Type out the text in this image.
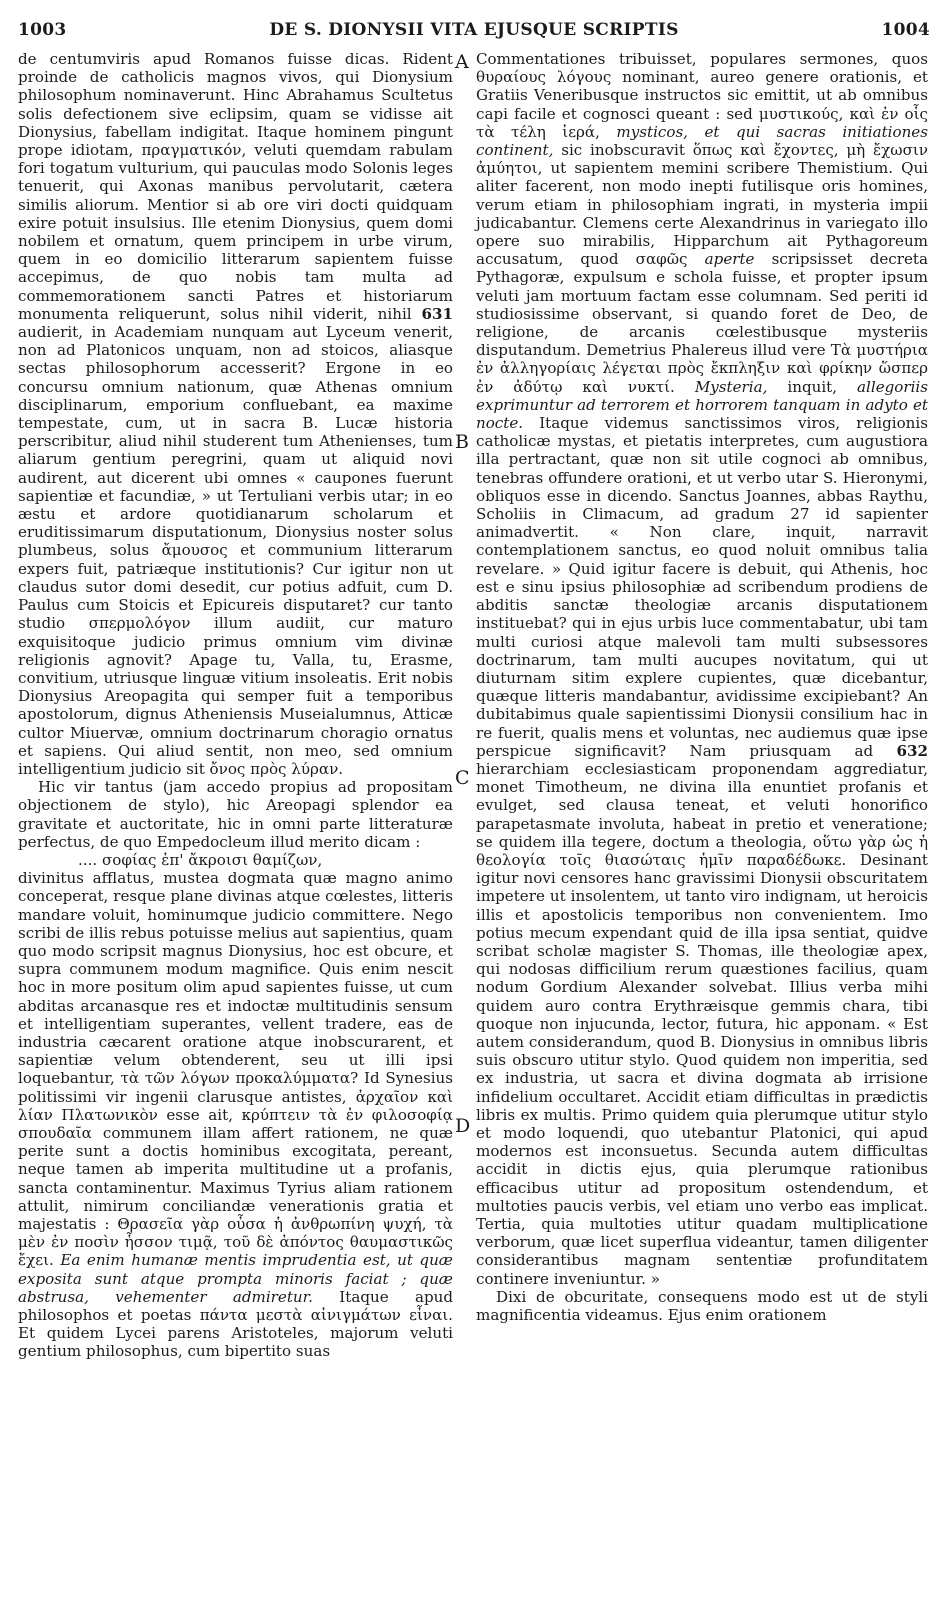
1003	DE S. DIONYSII VITA EJUSQUE SCRIPTIS	1004

de centumviris apud Romanos fuisse dicas. Rident proinde de catholicis magnos vivos, qui Dionysium philosophum nominaverunt. Hinc Abrahamus Scultetus solis defectionem sive eclipsim, quam se vidisse ait Dionysius, fabellam indigitat. Itaque hominem pingunt prope idiotam, πραγματικόν, veluti quemdam rabulam fori togatum vulturium, qui pauculas modo Solonis leges tenuerit, qui Axonas manibus pervolutarit, cætera similis aliorum. Mentior si ab ore viri docti quidquam exire potuit insulsius. Ille etenim Dionysius, quem domi nobilem et ornatum, quem principem in urbe virum, quem in eo domicilio litterarum sapientem fuisse accepimus, de quo nobis tam multa ad commemorationem sancti Patres et historiarum monumenta reliquerunt, solus nihil viderit, nihil 631 audierit, in Academiam nunquam aut Lyceum venerit, non ad Platonicos unquam, non ad stoicos, aliasque sectas philosophorum accesserit? Ergone in eo concursu omnium nationum, quæ Athenas omnium disciplinarum, emporium confluebant, ea maxime tempestate, cum, ut in sacra B. Lucæ historia perscribitur, aliud nihil studerent tum Athenienses, tum aliarum gentium peregrini, quam ut aliquid novi audirent, aut dicerent ubi omnes « caupones fuerunt sapientiæ et facundiæ, » ut Tertuliani verbis utar; in eo æstu et ardore quotidianarum scholarum et eruditissimarum disputationum, Dionysius noster solus plumbeus, solus ἄμουσος et communium litterarum expers fuit, patriæque institutionis? Cur igitur non ut claudus sutor domi desedit, cur potius adfuit, cum D. Paulus cum Stoicis et Epicureis disputaret? cur tanto studio σπερμολόγον illum audiit, cur maturo exquisitoque judicio primus omnium vim divinæ religionis agnovit? Apage tu, Valla, tu, Erasme, convitium, utriusque linguæ vitium insoleatis. Erit nobis Dionysius Areopagita qui semper fuit a temporibus apostolorum, dignus Atheniensis Museialumnus, Atticæ cultor Miuervæ, omnium doctrinarum choragio ornatus et sapiens. Qui aliud sentit, non meo, sed omnium intelligentium judicio sit ὄνος πρὸς λύραν.

Hic vir tantus (jam accedo propius ad propositam objectionem de stylo), hic Areopagi splendor ea gravitate et auctoritate, hic in omni parte litteraturæ perfectus, de quo Empedocleum illud merito dicam :

.... σοφίας ἐπ' ἄκροισι θαμίζων,

divinitus afflatus, mustea dogmata quæ magno animo conceperat, resque plane divinas atque cœlestes, litteris mandare voluit, hominumque judicio committere. Nego scribi de illis rebus potuisse melius aut sapientius, quam quo modo scripsit magnus Dionysius, hoc est obcure, et supra communem modum magnifice. Quis enim nescit hoc in more positum olim apud sapientes fuisse, ut cum abditas arcanasque res et indoctæ multitudinis sensum et intelligentiam superantes, vellent tradere, eas de industria cæcarent oratione atque inobscurarent, et sapientiæ velum obtenderent, seu ut illi ipsi loquebantur, τὰ τῶν λόγων προκαλύμματα? Id Synesius politissimi vir ingenii clarusque antistes, ἀρχαῖον καὶ λίαν Πλατωνικὸν esse ait, κρύπτειν τὰ ἐν φιλοσοφίᾳ σπουδαῖα communem illam affert rationem, ne quæ perite sunt a doctis hominibus excogitata, pereant, neque tamen ab imperita multitudine ut a profanis, sancta contaminentur. Maximus Tyrius aliam rationem attulit, nimirum conciliandæ venerationis gratia et majestatis : Θρασεῖα γὰρ οὖσα ἡ ἀνθρωπίνη ψυχή, τὰ μὲν ἐν ποσὶν ἧσσον τιμᾷ, τοῦ δὲ ἀπόντος θαυμαστικῶς ἔχει. Ea enim humanæ mentis imprudentia est, ut quæ exposita sunt atque prompta minoris faciat ; quæ abstrusa, vehementer admiretur. Itaque apud philosophos et poetas πάντα μεστὰ αἰνιγμάτων εἶναι. Et quidem Lycei parens Aristoteles, majorum veluti gentium philosophus, cum bipertito suas

A
B
C
D

Commentationes tribuisset, populares sermones, quos θυραίους λόγους nominant, aureo genere orationis, et Gratiis Veneribusque instructos sic emittit, ut ab omnibus capi facile et cognosci queant : sed μυστικούς, καὶ ἐν οἷς τὰ τέλη ἱερά, mysticos, et qui sacras initiationes continent, sic inobscuravit ὅπως καὶ ἔχοντες, μὴ ἔχωσιν ἀμύητοι, ut sapientem memini scribere Themistium. Qui aliter facerent, non modo inepti futilisque oris homines, verum etiam in philosophiam ingrati, in mysteria impii judicabantur. Clemens certe Alexandrinus in variegato illo opere suo mirabilis, Hipparchum ait Pythagoreum accusatum, quod σαφῶς aperte scripsisset decreta Pythagoræ, expulsum e schola fuisse, et propter ipsum veluti jam mortuum factam esse columnam. Sed periti id studiosissime observant, si quando foret de Deo, de religione, de arcanis cœlestibusque mysteriis disputandum. Demetrius Phalereus illud vere Τὰ μυστήρια ἐν ἀλληγορίαις λέγεται πρὸς ἔκπληξιν καὶ φρίκην ὥσπερ ἐν ἀδύτῳ καὶ νυκτί. Mysteria, inquit, allegoriis exprimuntur ad terrorem et horrorem tanquam in adyto et nocte. Itaque videmus sanctissimos viros, religionis catholicæ mystas, et pietatis interpretes, cum augustiora illa pertractant, quæ non sit utile cognoci ab omnibus, tenebras offundere orationi, et ut verbo utar S. Hieronymi, obliquos esse in dicendo. Sanctus Joannes, abbas Raythu, Scholiis in Climacum, ad gradum 27 id sapienter animadvertit. « Non clare, inquit, narravit contemplationem sanctus, eo quod noluit omnibus talia revelare. » Quid igitur facere is debuit, qui Athenis, hoc est e sinu ipsius philosophiæ ad scribendum prodiens de abditis sanctæ theologiæ arcanis disputationem instituebat? qui in ejus urbis luce commentabatur, ubi tam multi curiosi atque malevoli tam multi subsessores doctrinarum, tam multi aucupes novitatum, qui ut diuturnam sitim explere cupientes, quæ dicebantur, quæque litteris mandabantur, avidissime excipiebant? An dubitabimus quale sapientissimi Dionysii consilium hac in re fuerit, qualis mens et voluntas, nec audiemus quæ ipse perspicue significavit? Nam priusquam ad 632 hierarchiam ecclesiasticam proponendam aggrediatur, monet Timotheum, ne divina illa enuntiet profanis et evulget, sed clausa teneat, et veluti honorifico parapetasmate involuta, habeat in pretio et veneratione; se quidem illa tegere, doctum a theologia, οὕτω γὰρ ὡς ἡ θεολογία τοῖς θιασώταις ἡμῖν παραδέδωκε. Desinant igitur novi censores hanc gravissimi Dionysii obscuritatem impetere ut insolentem, ut tanto viro indignam, ut heroicis illis et apostolicis temporibus non convenientem. Imo potius mecum expendant quid de illa ipsa sentiat, quidve scribat scholæ magister S. Thomas, ille theologiæ apex, qui nodosas difficilium rerum quæstiones facilius, quam nodum Gordium Alexander solvebat. Illius verba mihi quidem auro contra Erythræisque gemmis chara, tibi quoque non injucunda, lector, futura, hic apponam. « Est autem considerandum, quod B. Dionysius in omnibus libris suis obscuro utitur stylo. Quod quidem non imperitia, sed ex industria, ut sacra et divina dogmata ab irrisione infidelium occultaret. Accidit etiam difficultas in prædictis libris ex multis. Primo quidem quia plerumque utitur stylo et modo loquendi, quo utebantur Platonici, qui apud modernos est inconsuetus. Secunda autem difficultas accidit in dictis ejus, quia plerumque rationibus efficacibus utitur ad propositum ostendendum, et multoties paucis verbis, vel etiam uno verbo eas implicat. Tertia, quia multoties utitur quadam multiplicatione verborum, quæ licet superflua videantur, tamen diligenter considerantibus magnam sententiæ profunditatem continere inveniuntur. »

Dixi de obcuritate, consequens modo est ut de styli magnificentia videamus. Ejus enim orationem
